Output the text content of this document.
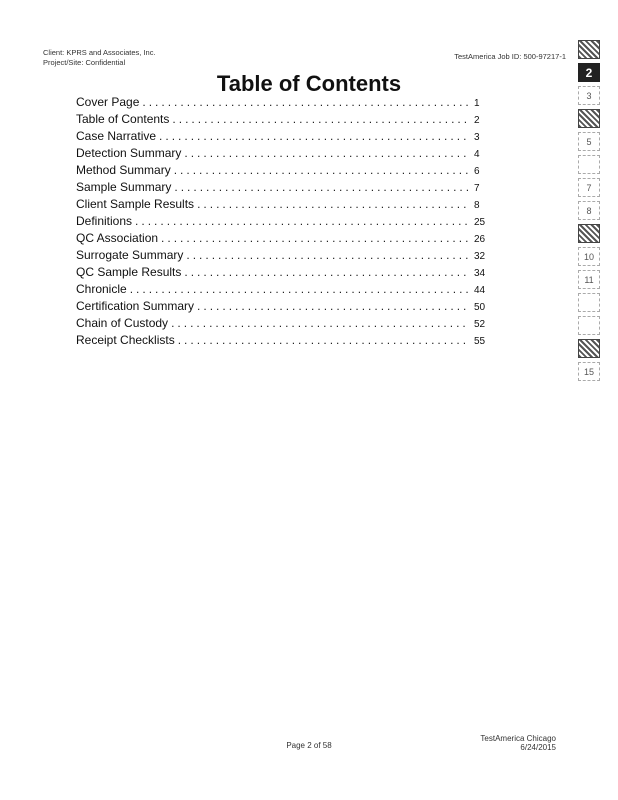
Client: KPRS and Associates, Inc.
Project/Site: Confidential
TestAmerica Job ID: 500-97217-1
Table of Contents
Cover Page .....	1
Table of Contents .....	2
Case Narrative .....	3
Detection Summary .....	4
Method Summary .....	6
Sample Summary .....	7
Client Sample Results .....	8
Definitions .....	25
QC Association .....	26
Surrogate Summary .....	32
QC Sample Results .....	34
Chronicle .....	44
Certification Summary .....	50
Chain of Custody .....	52
Receipt Checklists .....	55
2
3
5
7
8
10
11
15
Page 2 of 58
TestAmerica Chicago
6/24/2015
